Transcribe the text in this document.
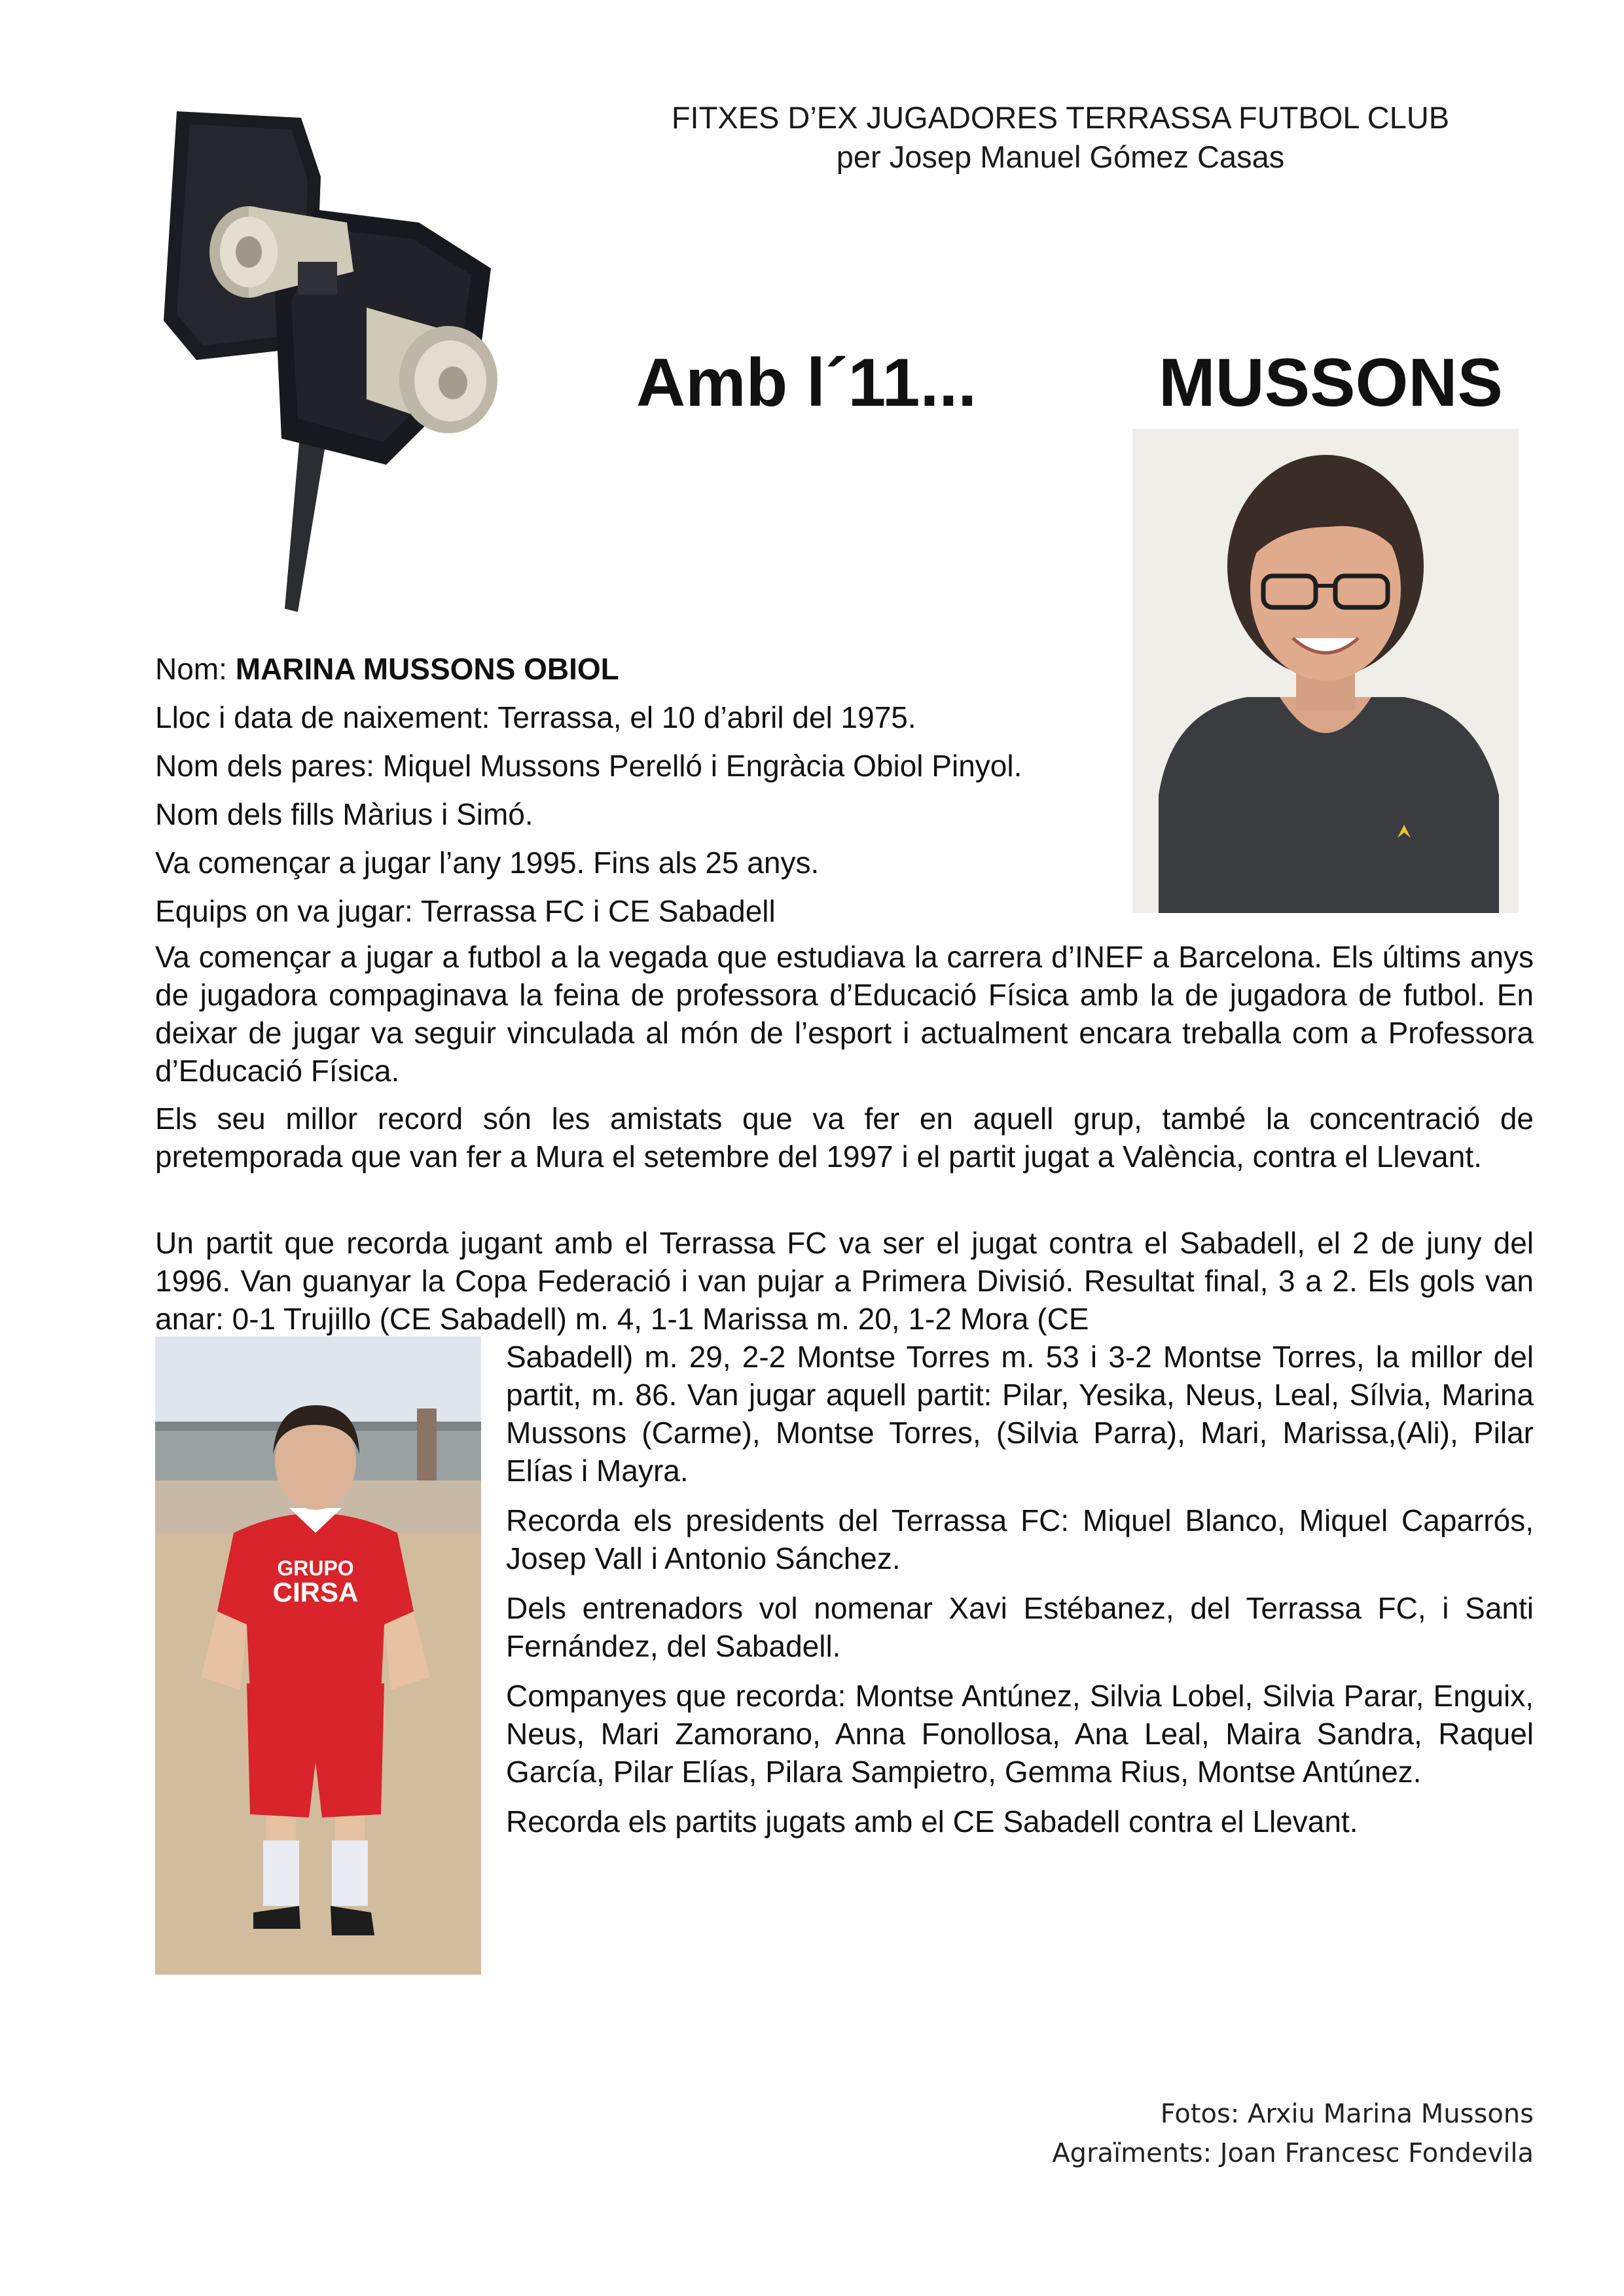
FITXES D’EX JUGADORES TERRASSA FUTBOL CLUB
per Josep Manuel Gómez Casas
Amb l´11...	MUSSONS
Nom: MARINA MUSSONS OBIOL
Lloc i data de naixement: Terrassa, el 10 d’abril del 1975.
Nom dels pares: Miquel Mussons Perelló i Engràcia Obiol Pinyol.
Nom dels fills Màrius i Simó.
Va començar a jugar l’any 1995. Fins als 25 anys.
Equips on va jugar: Terrassa FC i CE Sabadell
Va començar a jugar a futbol a la vegada que estudiava la carrera d’INEF a Barcelona. Els últims anys de jugadora compaginava la feina de professora d’Educació Física amb la de jugadora de futbol. En deixar de jugar va seguir vinculada al món de l’esport i actualment encara treballa com a Professora d’Educació Física.
Els seu millor record són les amistats que va fer en aquell grup, també la concentració de pretemporada que van fer a Mura el setembre del 1997 i el partit jugat a València, contra el Llevant.
Un partit que recorda jugant amb el Terrassa FC va ser el jugat contra el Sabadell, el 2 de juny del 1996. Van guanyar la Copa Federació i van pujar a Primera Divisió. Resultat final, 3 a 2. Els gols van anar: 0-1 Trujillo (CE Sabadell) m. 4, 1-1 Marissa m. 20, 1-2 Mora (CE
GRUPO
CIRSA
Sabadell) m. 29, 2-2 Montse Torres m. 53 i 3-2 Montse Torres, la millor del partit, m. 86. Van jugar aquell partit: Pilar, Yesika, Neus, Leal, Sílvia, Marina Mussons (Carme), Montse Torres, (Silvia Parra), Mari, Marissa,(Ali), Pilar Elías i Mayra.
Recorda els presidents del Terrassa FC: Miquel Blanco, Miquel Caparrós, Josep Vall i Antonio Sánchez.
Dels entrenadors vol nomenar Xavi Estébanez, del Terrassa FC, i Santi Fernández, del Sabadell.
Companyes que recorda: Montse Antúnez, Silvia Lobel, Silvia Parar, Enguix, Neus, Mari Zamorano, Anna Fonollosa, Ana Leal, Maira Sandra, Raquel García, Pilar Elías, Pilara Sampietro, Gemma Rius, Montse Antúnez.
Recorda els partits jugats amb el CE Sabadell contra el Llevant.
Fotos: Arxiu Marina Mussons
Agraïments: Joan Francesc Fondevila
